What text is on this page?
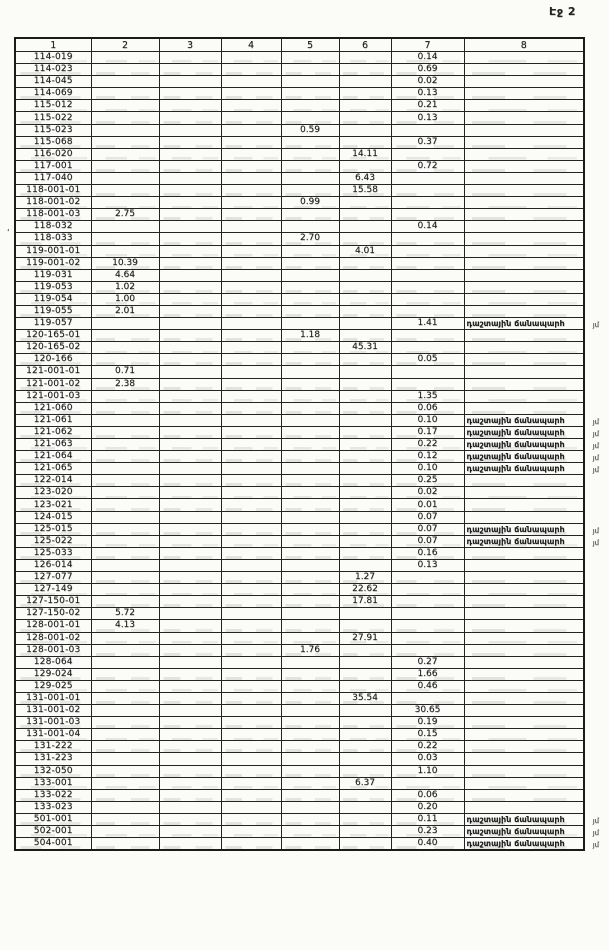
Էջ 2
1	2	3	4	5	6	7	8
114-019						0.14	
114-023						0.69	
114-045						0.02	
114-069						0.13	
115-012						0.21	
115-022						0.13	
115-023				0.59			
115-068						0.37	
116-020					14.11		
117-001						0.72	
117-040					6.43		
118-001-01					15.58		
118-001-02				0.99			
118-001-03	2.75						

, 118-032						0.14	
118-033				2.70			
119-001-01					4.01		
119-001-02	10.39						
119-031	4.64						
119-053	1.02						
119-054	1.00						
119-055	2.01						
119-057						1.41	դաշտային ճանապարհ յմ

120-165-01				1.18			
120-165-02					45.31		
120-166						0.05	
121-001-01	0.71						
121-001-02	2.38						
121-001-03						1.35	
121-060						0.06	
121-061						0.10	դաշտային ճանապարհ յմ

121-062						0.17	դաշտային ճանապարհ յմ

121-063						0.22	դաշտային ճանապարհ յմ

121-064						0.12	դաշտային ճանապարհ յմ

121-065						0.10	դաշտային ճանապարհ յմ

122-014						0.25	
123-020						0.02	
123-021						0.01	
124-015						0.07	
125-015						0.07	դաշտային ճանապարհ յմ

125-022						0.07	դաշտային ճանապարհ յմ

125-033						0.16	
126-014						0.13	
127-077					1.27		
127-149					22.62		
127-150-01					17.81		
127-150-02	5.72						
128-001-01	4.13						
128-001-02					27.91		
128-001-03				1.76			
128-064						0.27	
129-024						1.66	
129-025						0.46	
131-001-01					35.54		
131-001-02						30.65	
131-001-03						0.19	
131-001-04						0.15	
131-222						0.22	
131-223						0.03	
132-050						1.10	
133-001					6.37		
133-022						0.06	
133-023						0.20	
501-001						0.11	դաշտային ճանապարհ յմ

502-001						0.23	դաշտային ճանապարհ յմ

504-001						0.40	դաշտային ճանապարհ յմ
